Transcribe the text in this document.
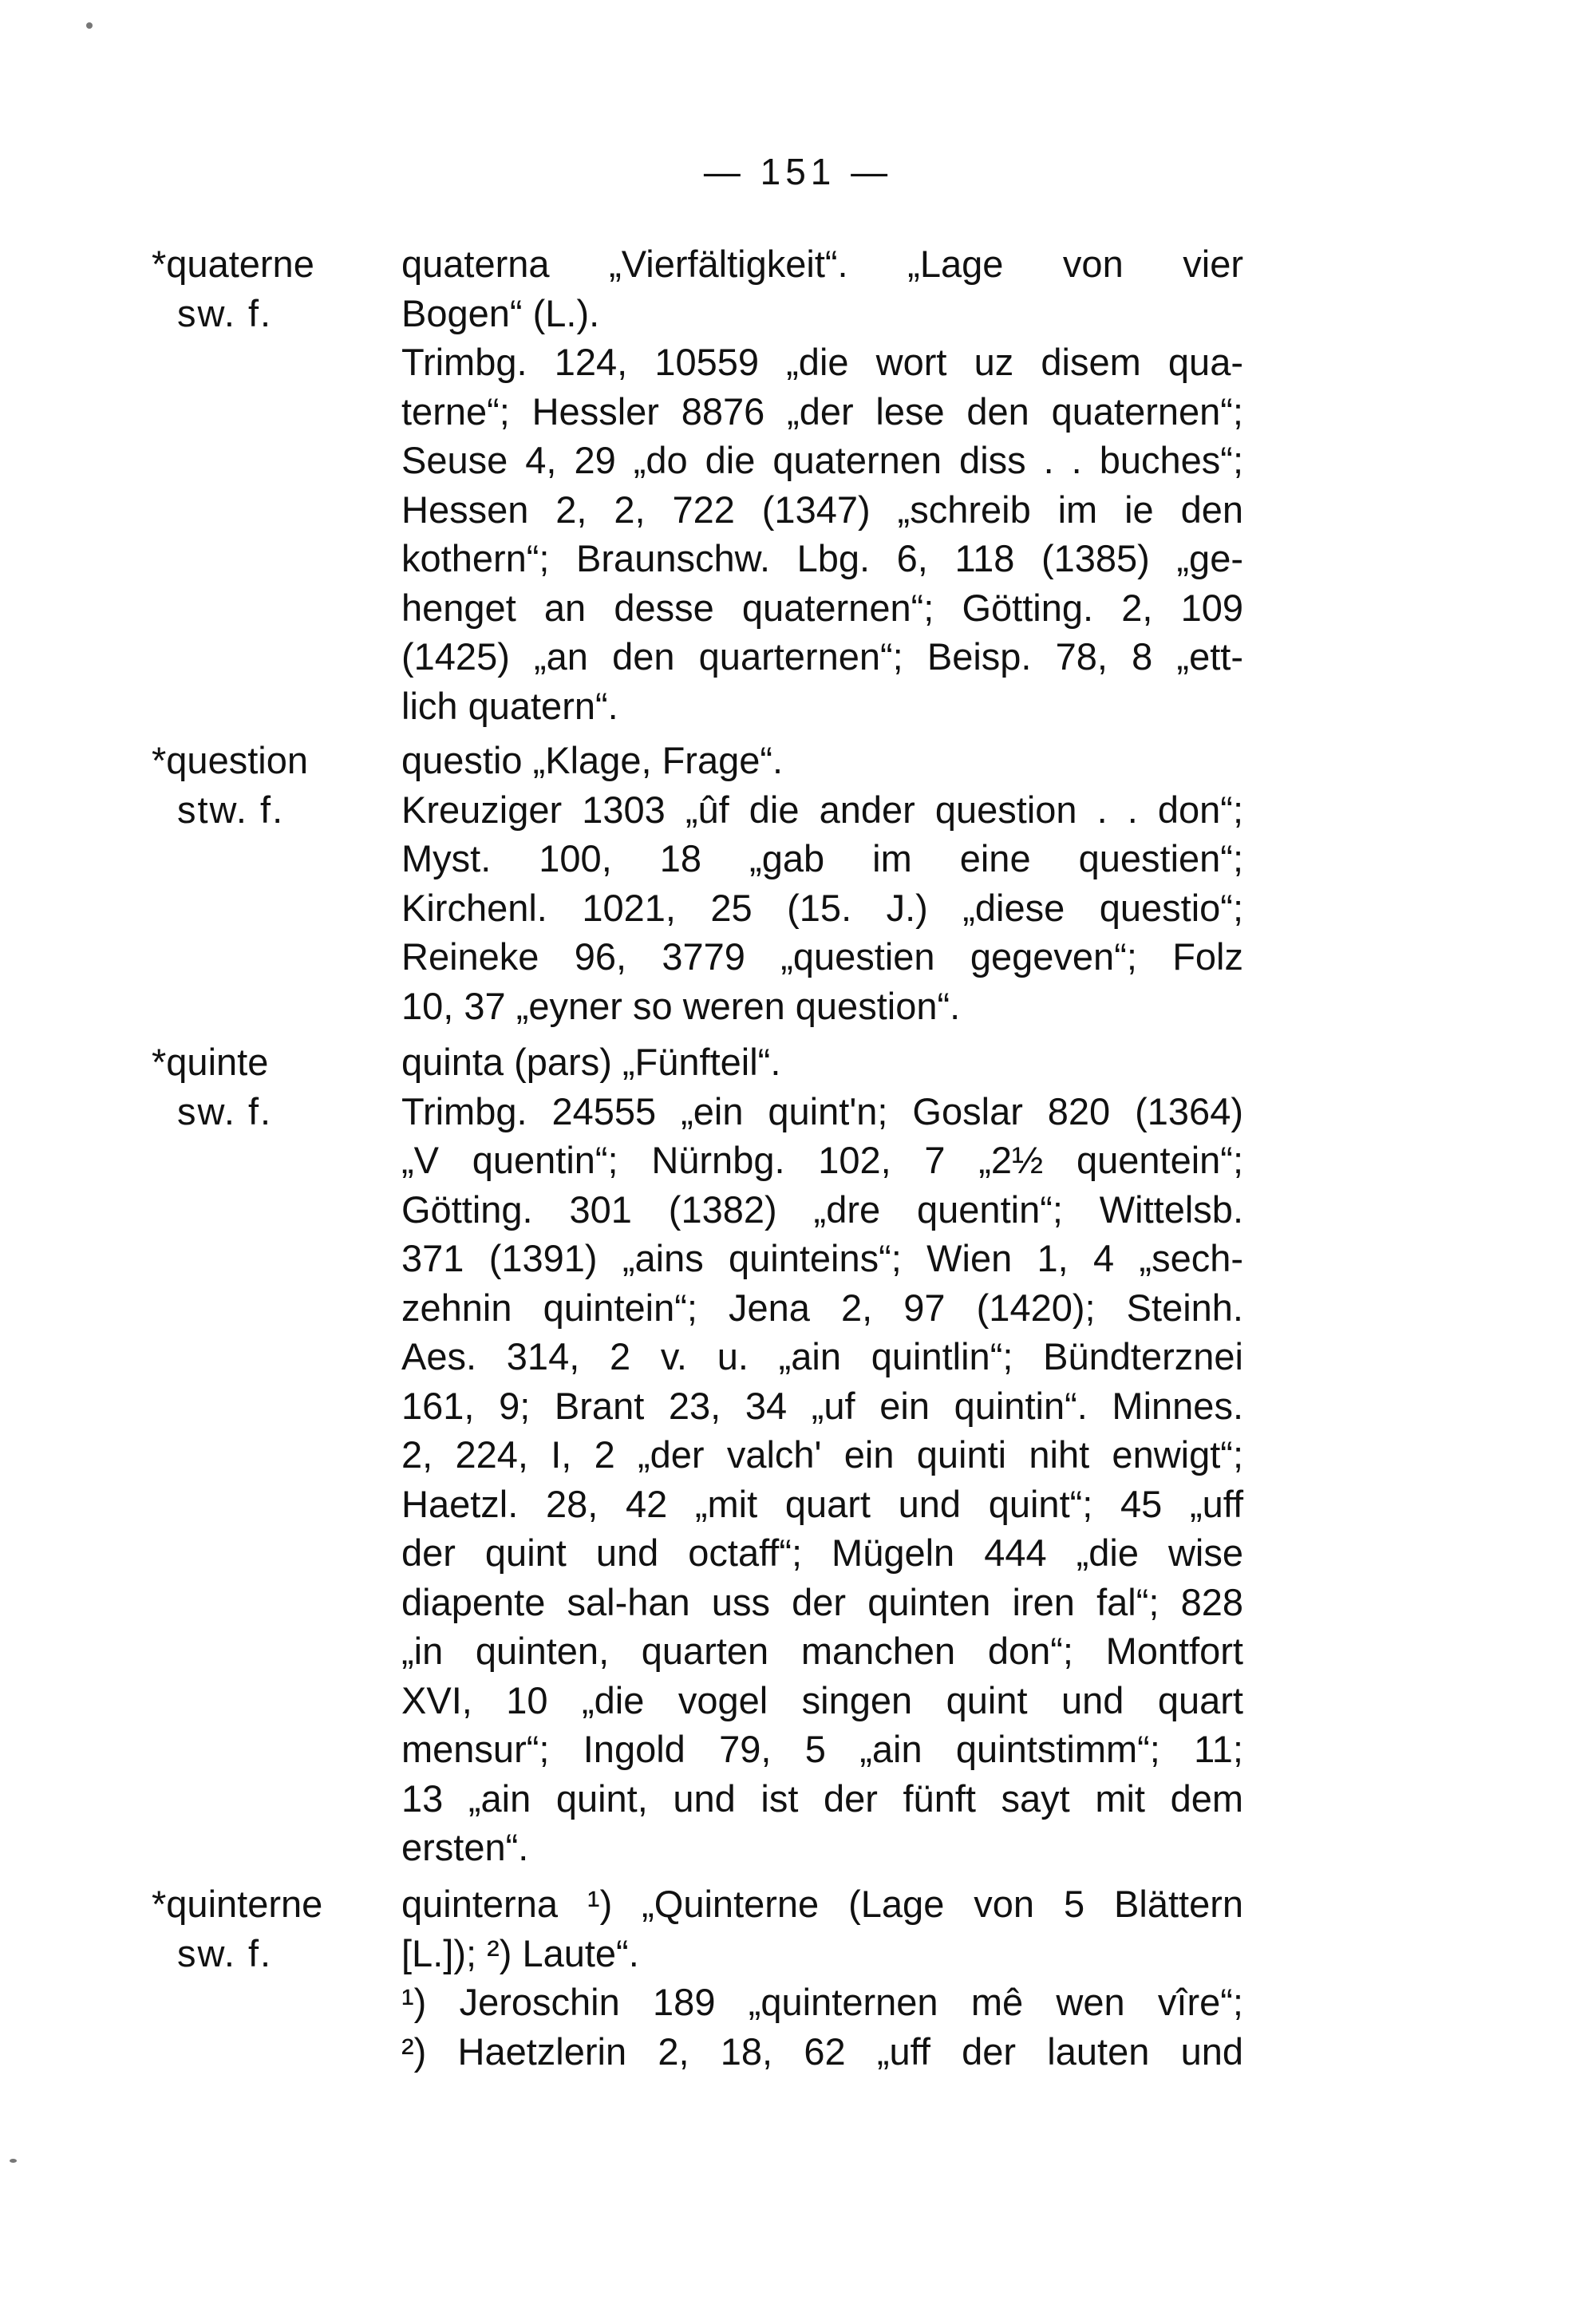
— 151 —
*quaterne
sw. f.
quaterna „Vierfältigkeit“. „Lage von vier
Bogen“ (L.).
Trimbg. 124, 10559 „die wort uz disem qua-
terne“; Hessler 8876 „der lese den quaternen“;
Seuse 4, 29 „do die quaternen diss . . buches“;
Hessen 2, 2, 722 (1347) „schreib im ie den
kothern“; Braunschw. Lbg. 6, 118 (1385) „ge-
henget an desse quaternen“; Götting. 2, 109
(1425) „an den quarternen“; Beisp. 78, 8 „ett-
lich quatern“.
*question
stw. f.
questio „Klage, Frage“.
Kreuziger 1303 „ûf die ander question . . don“;
Myst. 100, 18 „gab im eine questien“;
Kirchenl. 1021, 25 (15. J.) „diese questio“;
Reineke 96, 3779 „questien gegeven“; Folz
10, 37 „eyner so weren question“.
*quinte
sw. f.
quinta (pars) „Fünfteil“.
Trimbg. 24555 „ein quint'n; Goslar 820 (1364)
„V quentin“; Nürnbg. 102, 7 „2½ quentein“;
Götting. 301 (1382) „dre quentin“; Wittelsb.
371 (1391) „ains quinteins“; Wien 1, 4 „sech-
zehnin quintein“; Jena 2, 97 (1420); Steinh.
Aes. 314, 2 v. u. „ain quintlin“; Bündterznei
161, 9; Brant 23, 34 „uf ein quintin“. Minnes.
2, 224, I, 2 „der valch' ein quinti niht enwigt“;
Haetzl. 28, 42 „mit quart und quint“; 45 „uff
der quint und octaff“; Mügeln 444 „die wise
diapente sal-han uss der quinten iren fal“; 828
„in quinten, quarten manchen don“; Montfort
XVI, 10 „die vogel singen quint und quart
mensur“; Ingold 79, 5 „ain quintstimm“; 11;
13 „ain quint, und ist der fünft sayt mit dem
ersten“.
*quinterne
sw. f.
quinterna ¹) „Quinterne (Lage von 5 Blättern
[L.]); ²) Laute“.
¹) Jeroschin 189 „quinternen mê wen vîre“;
²) Haetzlerin 2, 18, 62 „uff der lauten und
